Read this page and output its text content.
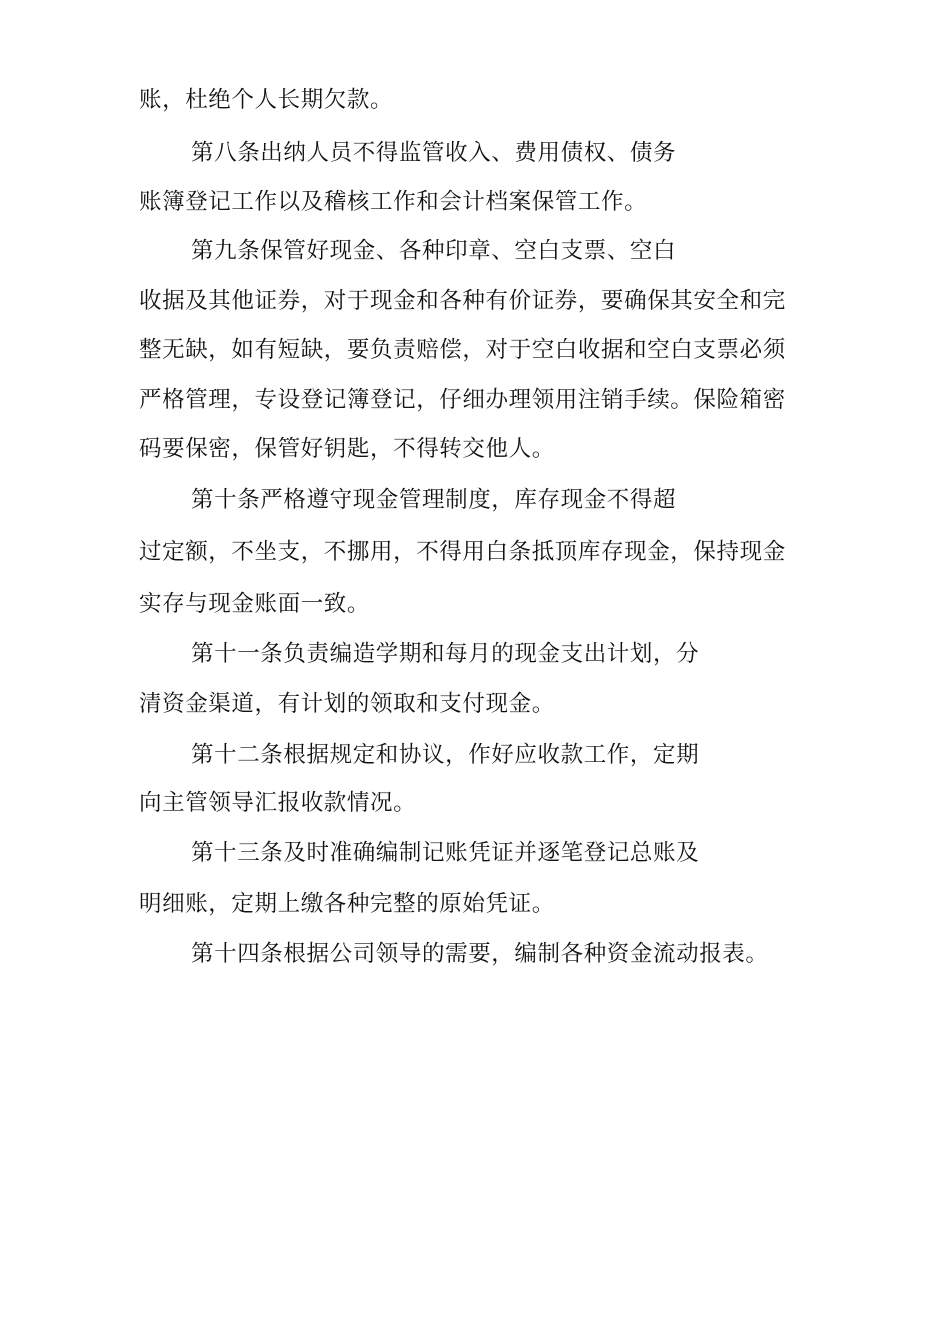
账，杜绝个人长期欠款。
第八条出纳人员不得监管收入、费用债权、债务
账簿登记工作以及稽核工作和会计档案保管工作。
第九条保管好现金、各种印章、空白支票、空白
收据及其他证券，对于现金和各种有价证券，要确保其安全和完
整无缺，如有短缺，要负责赔偿，对于空白收据和空白支票必须
严格管理，专设登记簿登记，仔细办理领用注销手续。保险箱密
码要保密，保管好钥匙，不得转交他人。
第十条严格遵守现金管理制度，库存现金不得超
过定额，不坐支，不挪用，不得用白条抵顶库存现金，保持现金
实存与现金账面一致。
第十一条负责编造学期和每月的现金支出计划，分
清资金渠道，有计划的领取和支付现金。
第十二条根据规定和协议，作好应收款工作，定期
向主管领导汇报收款情况。
第十三条及时准确编制记账凭证并逐笔登记总账及
明细账，定期上缴各种完整的原始凭证。
第十四条根据公司领导的需要，编制各种资金流动报表。
